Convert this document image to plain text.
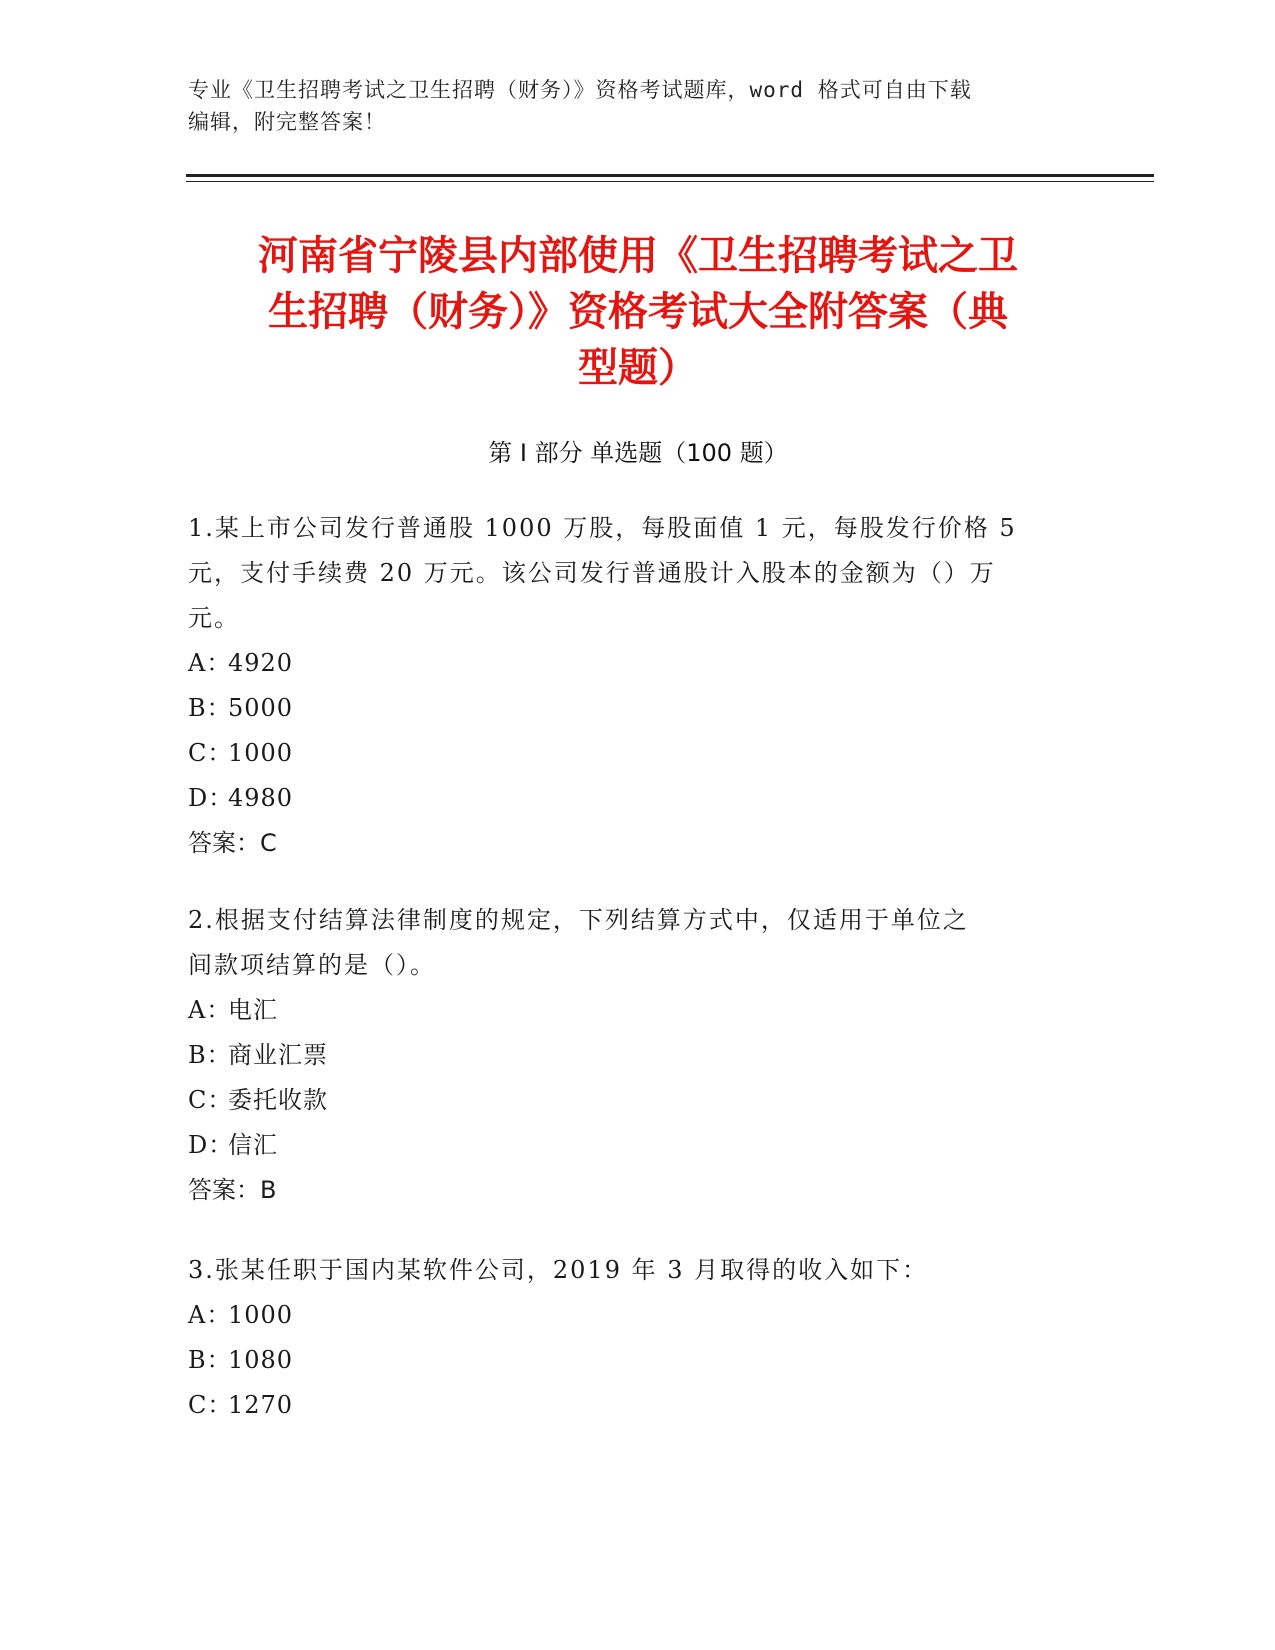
专业《卫生招聘考试之卫生招聘（财务）》资格考试题库，word 格式可自由下载
编辑，附完整答案！
河南省宁陵县内部使用《卫生招聘考试之卫
生招聘（财务）》资格考试大全附答案（典
型题）
第 I 部分 单选题（100 题）

1.某上市公司发行普通股 1000 万股，每股面值 1 元，每股发行价格 5

元，支付手续费 20 万元。该公司发行普通股计入股本的金额为（）万

元。

A：4920

B：5000

C：1000

D：4980

答案：C

2.根据支付结算法律制度的规定，下列结算方式中，仅适用于单位之

间款项结算的是（）。

A：电汇

B：商业汇票

C：委托收款

D：信汇

答案：B

3.张某任职于国内某软件公司，2019 年 3 月取得的收入如下：

A：1000

B：1080

C：1270
